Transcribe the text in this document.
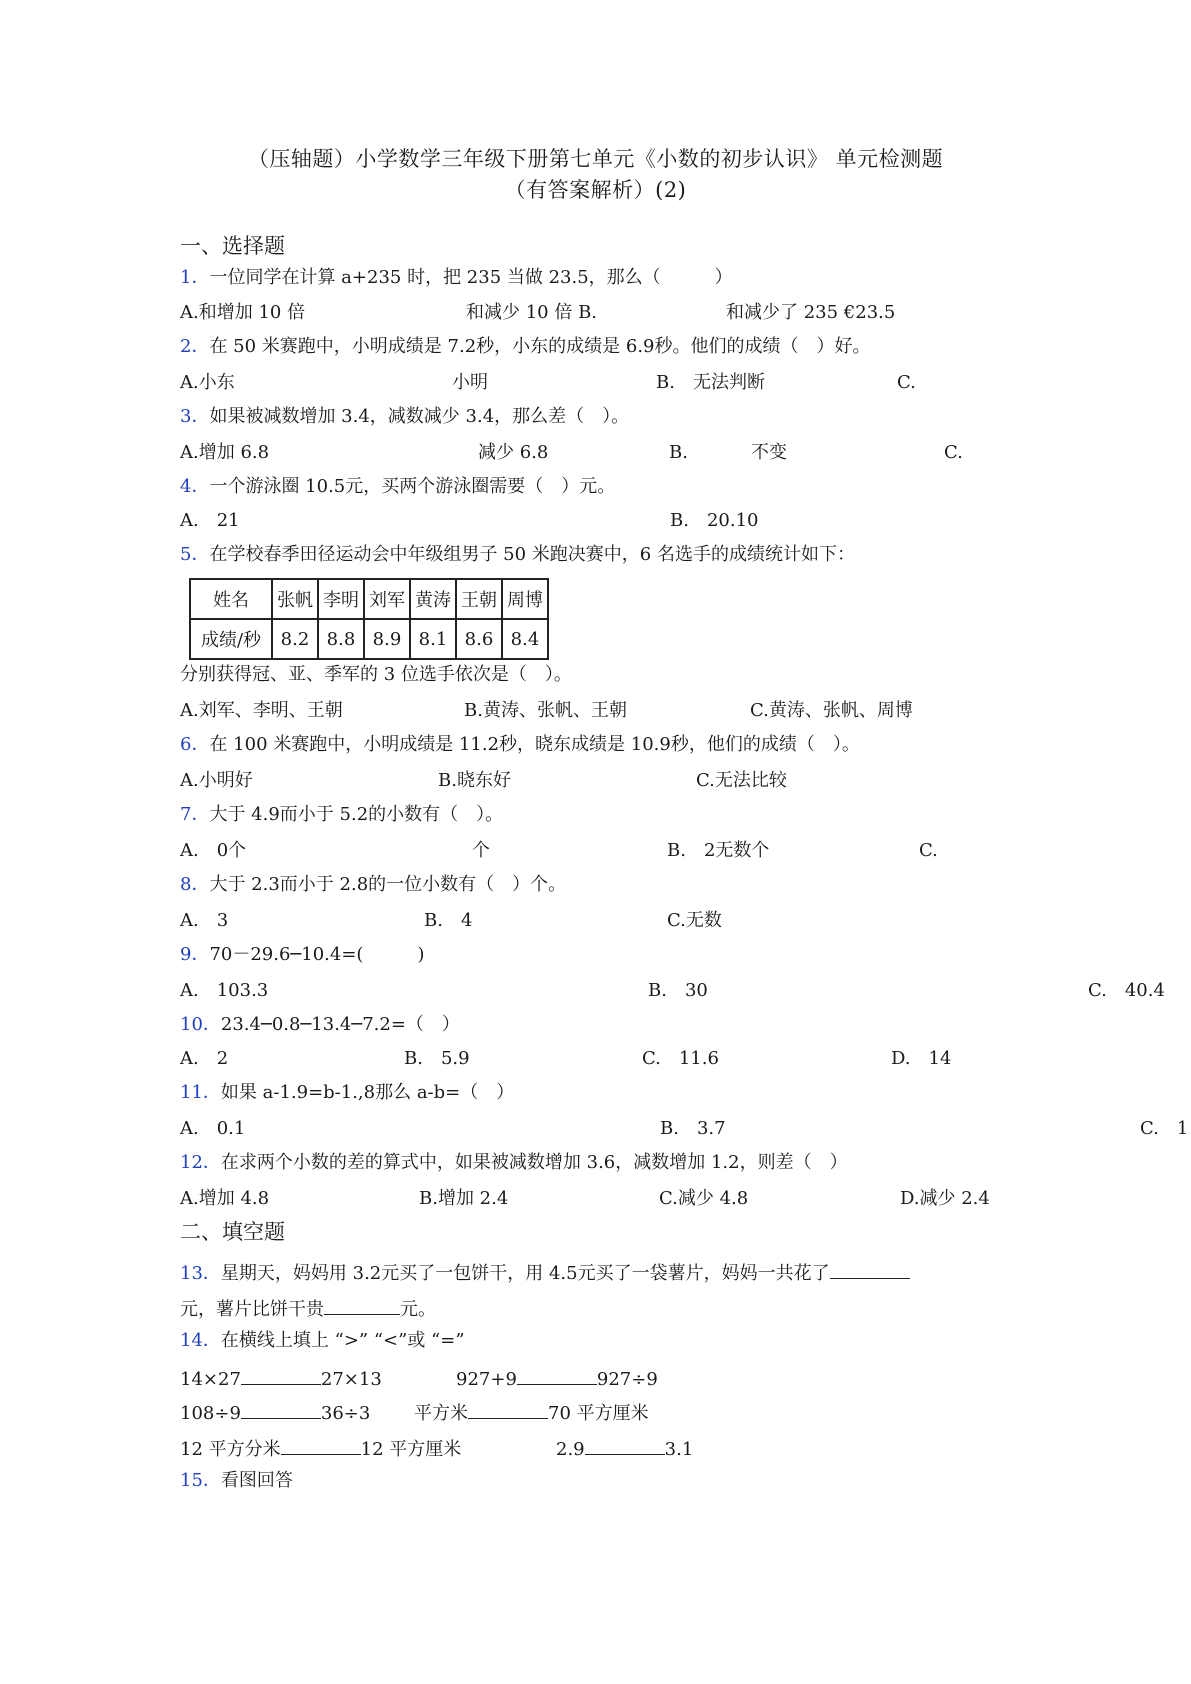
（压轴题）小学数学三年级下册第七单元《小数的初步认识》 单元检测题
（有答案解析）(2)
一、选择题
1．一位同学在计算 a+235 时，把 235 当做 23.5，那么（　　　）
A.和增加 10 倍	和减少 10 倍 B.	和减少了 235 €23.5
2．在 50 米赛跑中，小明成绩是 7.2秒，小东的成绩是 6.9秒。他们的成绩（　）好。
A.小东	小明	B.　无法判断	C.
3．如果被减数增加 3.4，减数减少 3.4，那么差（　）。
A.增加 6.8	减少 6.8	B.	不变	C.
4．一个游泳圈 10.5元，买两个游泳圈需要（　）元。
A.　21	B.　20.10
5．在学校春季田径运动会中年级组男子 50 米跑决赛中，6 名选手的成绩统计如下：
姓名	张帆	李明	刘军	黄涛	王朝	周博
成绩/秒	8.2	8.8	8.9	8.1	8.6	8.4
分别获得冠、亚、季军的 3 位选手依次是（　）。
A.刘军、李明、王朝	B.黄涛、张帆、王朝	C.黄涛、张帆、周博
6．在 100 米赛跑中，小明成绩是 11.2秒，晓东成绩是 10.9秒，他们的成绩（　）。
A.小明好	B.晓东好	C.无法比较
7．大于 4.9而小于 5.2的小数有（　）。
A.　0个	个	B.　2无数个	C.
8．大于 2.3而小于 2.8的一位小数有（　）个。
A.　3	B.　4	C.无数
9．70－29.6─10.4=(　　　)
A.　103.3	B.　30	C.　40.4
10．23.4─0.8─13.4─7.2=（　）
A.　2	B.　5.9	C.　11.6	D.　14
11．如果 a-1.9=b-1.,8那么 a-b=（　）
A.　0.1	B.　3.7	C.　1
12．在求两个小数的差的算式中，如果被减数增加 3.6，减数增加 1.2，则差（　）
A.增加 4.8	B.增加 2.4	C.减少 4.8	D.减少 2.4
二、填空题
13．星期天，妈妈用 3.2元买了一包饼干，用 4.5元买了一袋薯片，妈妈一共花了
元，薯片比饼干贵	元。
14．在横线上填上 “>” “<”或 “=”
14×27	27×13	927+9	927÷9
108÷9	36÷3 平方米	70 平方厘米
12 平方分米	12 平方厘米	2.9	3.1
15．看图回答
